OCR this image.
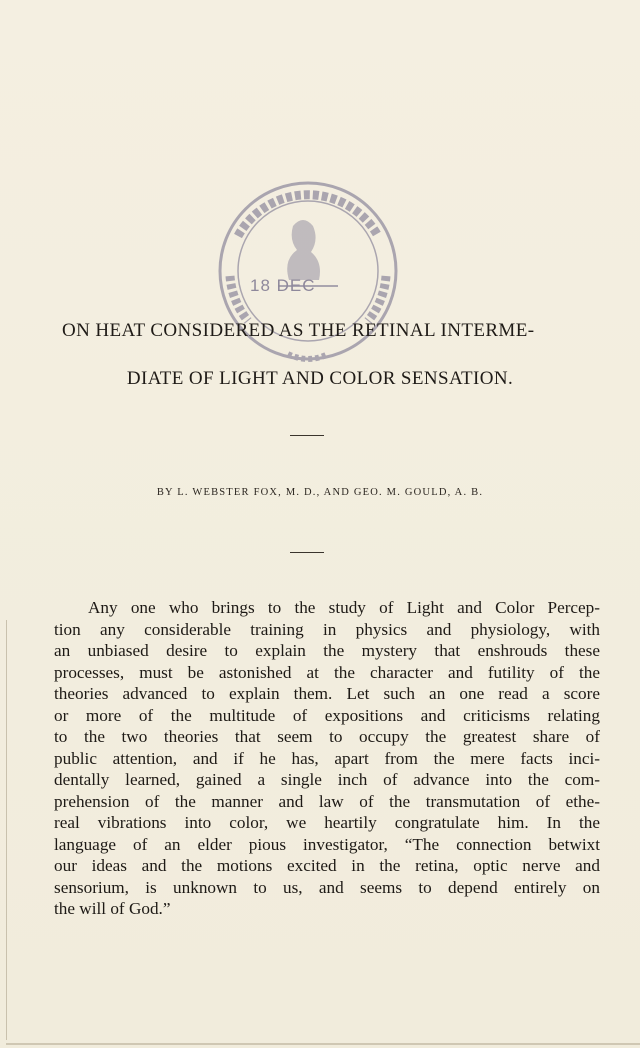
18 DEC
ON HEAT CONSIDERED AS THE RETINAL INTERME-
DIATE OF LIGHT AND COLOR SENSATION.
BY L. WEBSTER FOX, M. D., AND GEO. M. GOULD, A. B.
Any one who brings to the study of Light and Color Percep-
tion any considerable training in physics and physiology, with
an unbiased desire to explain the mystery that enshrouds these
processes, must be astonished at the character and futility of the
theories advanced to explain them. Let such an one read a score
or more of the multitude of expositions and criticisms relating
to the two theories that seem to occupy the greatest share of
public attention, and if he has, apart from the mere facts inci-
dentally learned, gained a single inch of advance into the com-
prehension of the manner and law of the transmutation of ethe-
real vibrations into color, we heartily congratulate him. In the
language of an elder pious investigator, “The connection betwixt
our ideas and the motions excited in the retina, optic nerve and
sensorium, is unknown to us, and seems to depend entirely on
the will of God.”
